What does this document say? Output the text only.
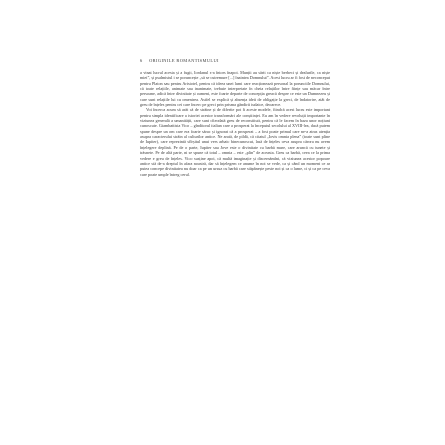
6 ORIGINILE ROMANTISMULUI

a vinat lucrul acesta și a fugit, Iordanul s-a întors înapoi. Munții au sărit ca niște berbeci și dealurile, ca niște miei”, și psalmistul i se poruncește „să se cutremure [...] înaintea Domnului”. Acest lucru ar fi fost de neconceput pentru Platon sau pentru Aristotel, pentru că ideea unei lumi care reacționează personal la porunciile Domnului, că toate relațiile, animate sau inanimate, trebuie interpretate în cheia relațiilor între ființe sau măcar între persoane, adică între divinitate și oameni, este foarte departe de concepția greacă despre ce este un Dumnezeu și care sunt relațiile lui cu omenirea. Astfel se explică și absența ideii de obligație la greci, de îndatorire, atât de greu de înțeles pentru cei care încerc pe greci prin prisma gândirii iudaice, deoarece.

Voi încerca acum să arăt că de străine și de diferite pot fi aceste modele, fiindcă acest lucru este important pentru simpla identificare a istoriei acestor transformări ale conștiinței. Eu am în vedere revoluții importante în viziunea generală a umanității, care sunt cîteodată greu de reconstituit, pentru că le facem în baza unor noțiuni cunoscute. Giambattista Vico – gînditorul italian care a prosperat la începutul secolului al XVIII-lea, dacă putem spune despre un om care era foarte sărac și ignorat că a prosperat – a fost poate primul care ne-a atras atenția asupra caracterului străin al culturilor antice. Ne arată, de pildă, că citatul „Iovis omnia plena” (toate sunt pline de Iupiter), care reprezintă sfîrșitul unui vers arhaic binecunoscut, lasă de înțeles ceva asupra cărora nu avem înțelegere deplină. Pe de o parte, Iupiter sau Jove este o divinitate cu barbă mare, care aruncă cu tunete și trăsnete. Pe de altă parte, ni se spune că totul – omnia – este „plin” de aceasta. Greu ca barbă, ceea ce la prima vedere e greu de înțeles. Vico susține apoi, că multă imaginație și discernămînt, că viziunea acestor popoare antice stă de-a dreptul în afara noastră, dar să înțelegem ce anume în noi se vede, ca și când un moment ce ar putea concepe divinitatea nu doar ca pe un ursuz cu barbă care stăpânește peste noi și ca o lume, ci și ca pe ceva care poate umple întreg cerul.
